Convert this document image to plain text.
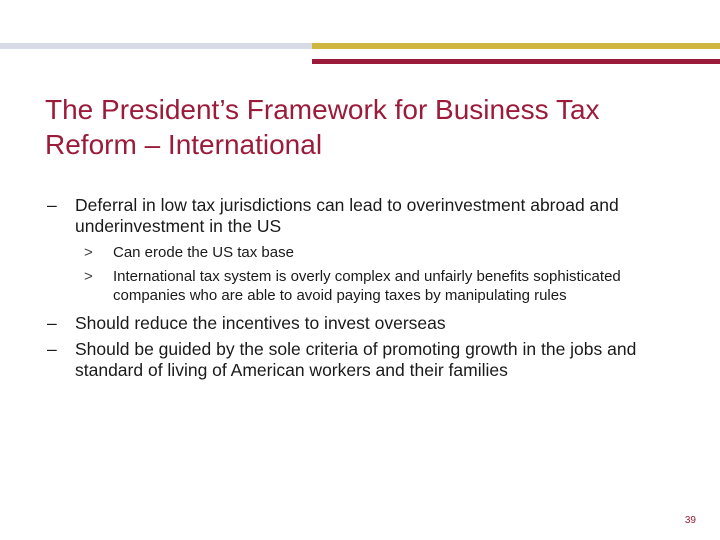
The President’s Framework for Business Tax
Reform – International
– Deferral in low tax jurisdictions can lead to overinvestment abroad and underinvestment in the US
> Can erode the US tax base
> International tax system is overly complex and unfairly benefits sophisticated companies who are able to avoid paying taxes by manipulating rules
– Should reduce the incentives to invest overseas
– Should be guided by the sole criteria of promoting growth in the jobs and standard of living of American workers and their families
39
